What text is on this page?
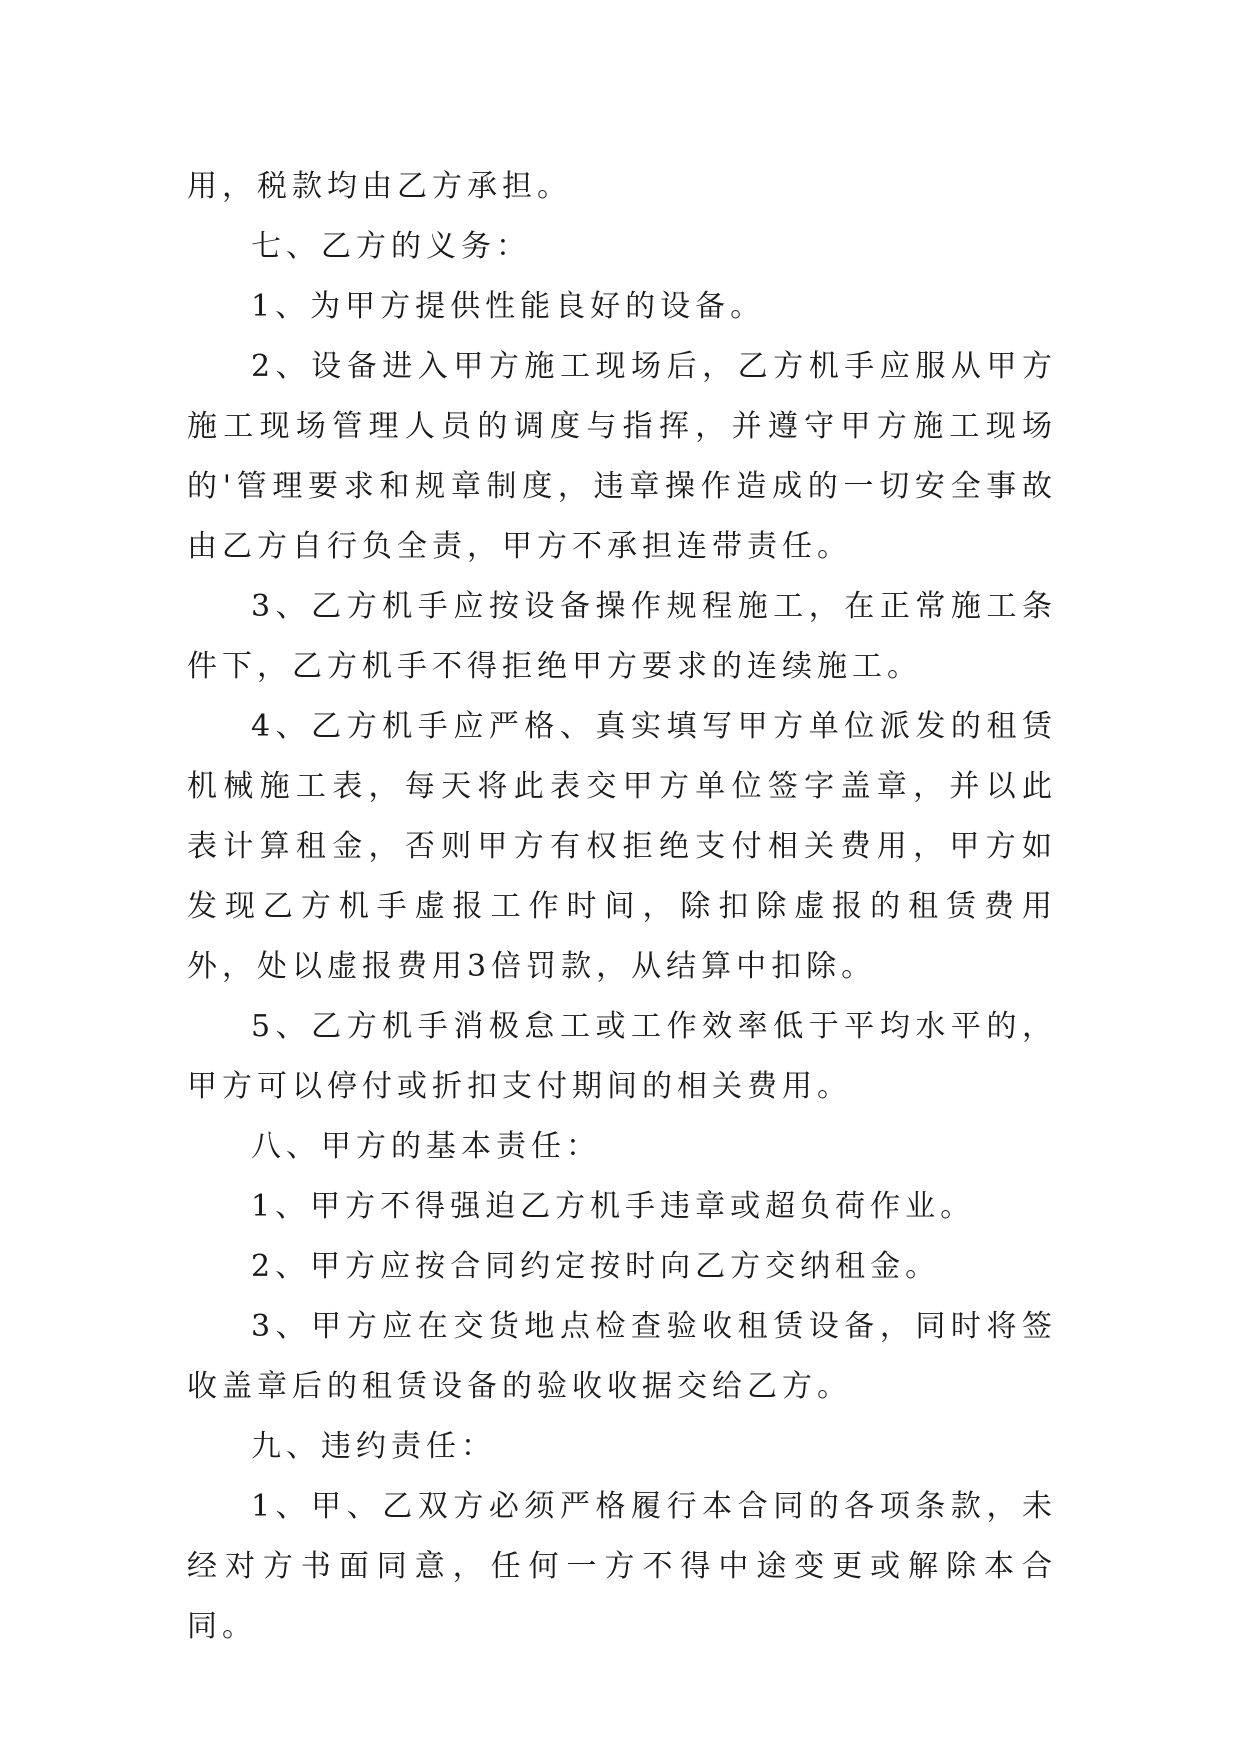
用，税款均由乙方承担。

七、乙方的义务：

1、为甲方提供性能良好的设备。

2、设备进入甲方施工现场后，乙方机手应服从甲方施工现场管理人员的调度与指挥，并遵守甲方施工现场的'管理要求和规章制度，违章操作造成的一切安全事故由乙方自行负全责，甲方不承担连带责任。

3、乙方机手应按设备操作规程施工，在正常施工条件下，乙方机手不得拒绝甲方要求的连续施工。

4、乙方机手应严格、真实填写甲方单位派发的租赁机械施工表，每天将此表交甲方单位签字盖章，并以此表计算租金，否则甲方有权拒绝支付相关费用，甲方如发现乙方机手虚报工作时间，除扣除虚报的租赁费用外，处以虚报费用3倍罚款，从结算中扣除。

5、乙方机手消极怠工或工作效率低于平均水平的，甲方可以停付或折扣支付期间的相关费用。

八、甲方的基本责任：

1、甲方不得强迫乙方机手违章或超负荷作业。

2、甲方应按合同约定按时向乙方交纳租金。

3、甲方应在交货地点检查验收租赁设备，同时将签收盖章后的租赁设备的验收收据交给乙方。

九、违约责任：

1、甲、乙双方必须严格履行本合同的各项条款，未经对方书面同意，任何一方不得中途变更或解除本合同。
